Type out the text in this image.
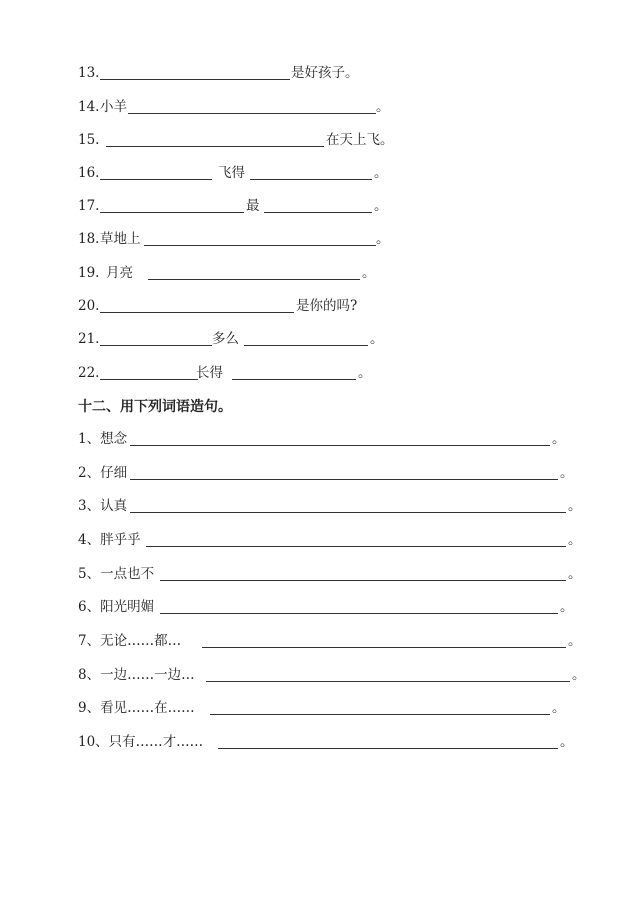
13.	是好孩子。
14. 小羊	。
15.	在天上飞。
16.	飞得	。
17.	最	。
18. 草地上	。
19. 月亮	。
20.	是你的吗?
21.	多么	。
22.	长得	。
十二、用下列词语造句。
1、想念	。
2、仔细	。
3、认真	。
4、胖乎乎	。
5、一点也不	。
6、阳光明媚	。
7、无论……都…	。
8、一边……一边…	。
9、看见……在……	。
10、只有……才……	。
